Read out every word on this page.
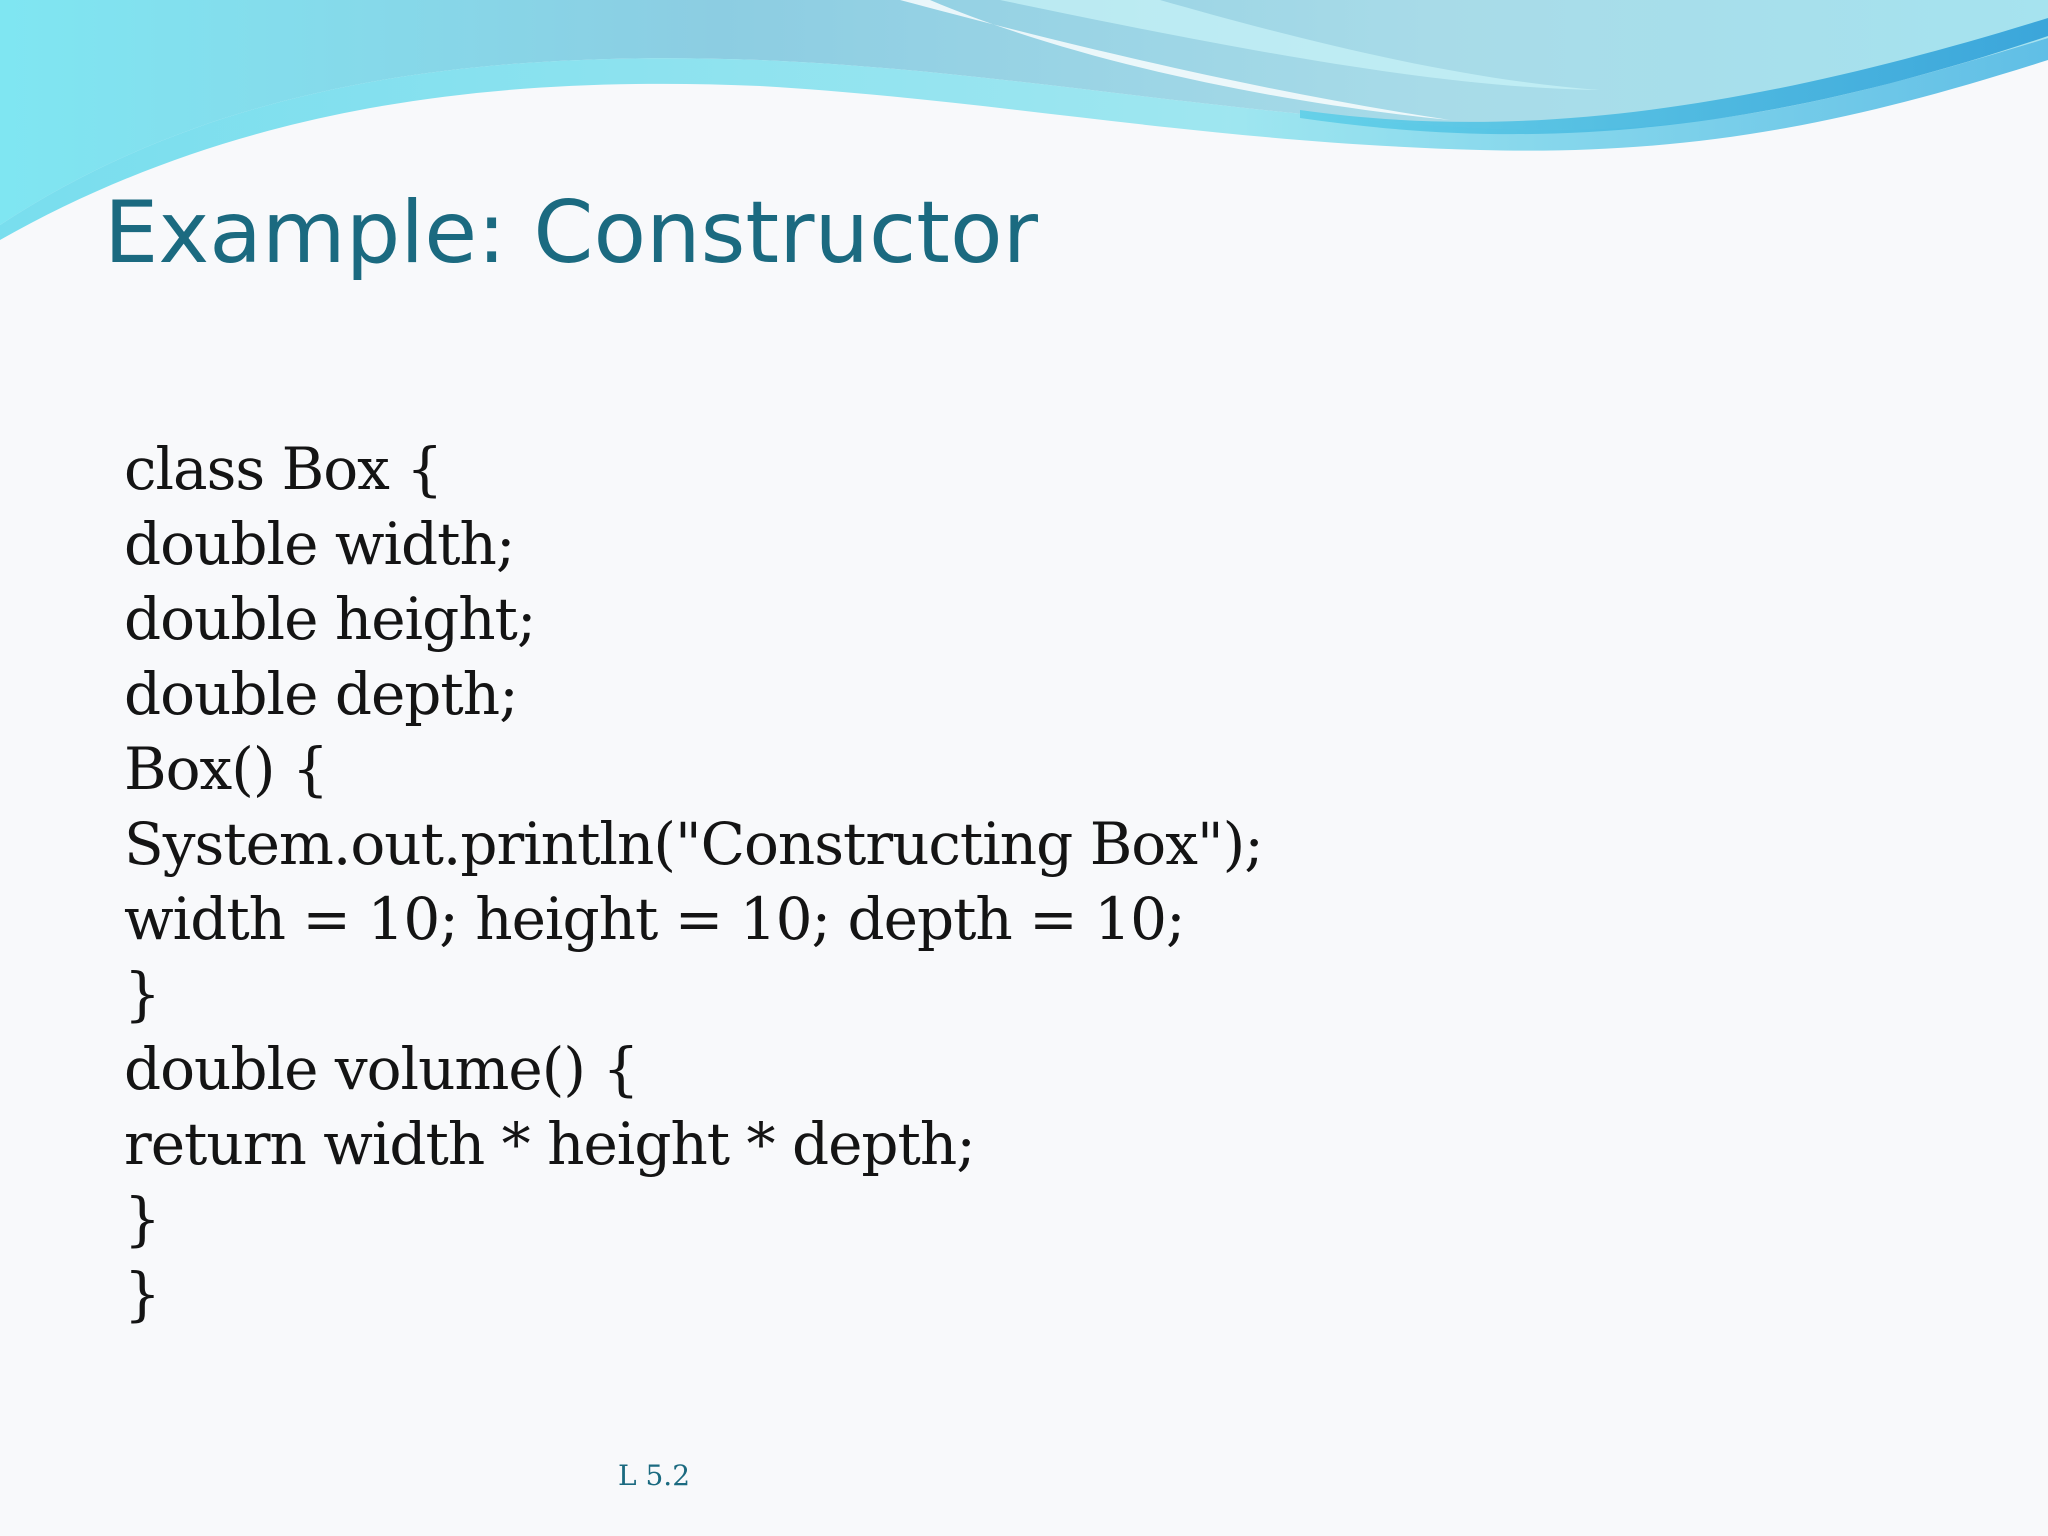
Example: Constructor
class Box {
double width;
double height;
double depth;
Box() {
System.out.println("Constructing Box");
width = 10; height = 10; depth = 10;
}
double volume() {
return width * height * depth;
}
}
L 5.2
